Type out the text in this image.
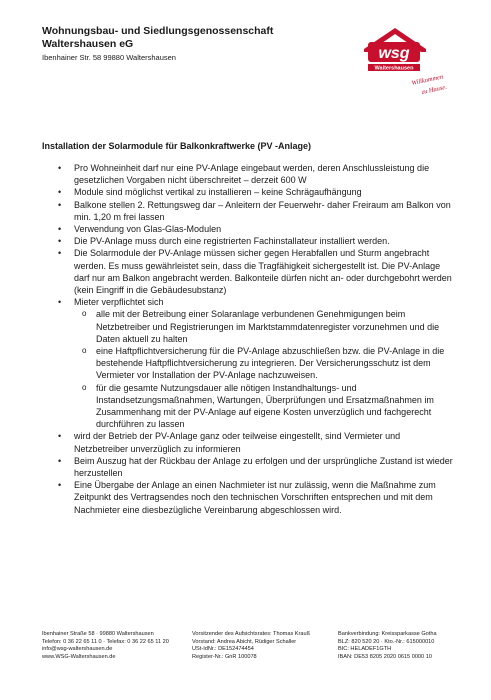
Wohnungsbau- und Siedlungsgenossenschaft
Waltershausen eG
Ibenhainer Str. 58 99880 Waltershausen	wsg
Waltershausen
Willkommen
zu Hause.
Installation der Solarmodule für Balkonkraftwerke (PV -Anlage)
• Pro Wohneinheit darf nur eine PV-Anlage eingebaut werden, deren Anschlussleistung die gesetzlichen Vorgaben nicht überschreitet – derzeit 600 W
• Module sind möglichst vertikal zu installieren – keine Schrägaufhängung
• Balkone stellen 2. Rettungsweg dar – Anleitern der Feuerwehr- daher Freiraum am Balkon von min. 1,20 m frei lassen
• Verwendung von Glas-Glas-Modulen
• Die PV-Anlage muss durch eine registrierten Fachinstallateur installiert werden.
• Die Solarmodule der PV-Anlage müssen sicher gegen Herabfallen und Sturm angebracht werden. Es muss gewährleistet sein, dass die Tragfähigkeit sichergestellt ist. Die PV-Anlage darf nur am Balkon angebracht werden. Balkonteile dürfen nicht an- oder durchgebohrt werden (kein Eingriff in die Gebäudesubstanz)
• Mieter verpflichtet sich
o alle mit der Betreibung einer Solaranlage verbundenen Genehmigungen beim Netzbetreiber und Registrierungen im Marktstammdatenregister vorzunehmen und die Daten aktuell zu halten
o eine Haftpflichtversicherung für die PV-Anlage abzuschließen bzw. die PV-Anlage in die bestehende Haftpflichtversicherung zu integrieren. Der Versicherungsschutz ist dem Vermieter vor Installation der PV-Anlage nachzuweisen.
o für die gesamte Nutzungsdauer alle nötigen Instandhaltungs- und Instandsetzungsmaßnahmen, Wartungen, Überprüfungen und Ersatzmaßnahmen im Zusammenhang mit der PV-Anlage auf eigene Kosten unverzüglich und fachgerecht durchführen zu lassen
• wird der Betrieb der PV-Anlage ganz oder teilweise eingestellt, sind Vermieter und Netzbetreiber unverzüglich zu informieren
• Beim Auszug hat der Rückbau der Anlage zu erfolgen und der ursprüngliche Zustand ist wieder herzustellen
• Eine Übergabe der Anlage an einen Nachmieter ist nur zulässig, wenn die Maßnahme zum Zeitpunkt des Vertragsendes noch den technischen Vorschriften entsprechen und mit dem Nachmieter eine diesbezügliche Vereinbarung abgeschlossen wird.
Ibenhainer Straße 58 · 99880 Waltershausen
Telefon: 0 36 22 65 11 0 · Telefax: 0 36 22 65 11 20
info@wsg-waltershausen.de
www.WSG-Waltershausen.de
Vorsitzender des Aufsichtsrates: Thomas Krauß
Vorstand: Andrea Abicht, Rüdiger Schaller
USt-IdNr.: DE152474454
Register-Nr.: GnR 100078
Bankverbindung: Kreissparkasse Gotha
BLZ: 820 520 20 · Kto.-Nr.: 615000010
BIC: HELADEF1GTH
IBAN: DE53 8205 2020 0615 0000 10
